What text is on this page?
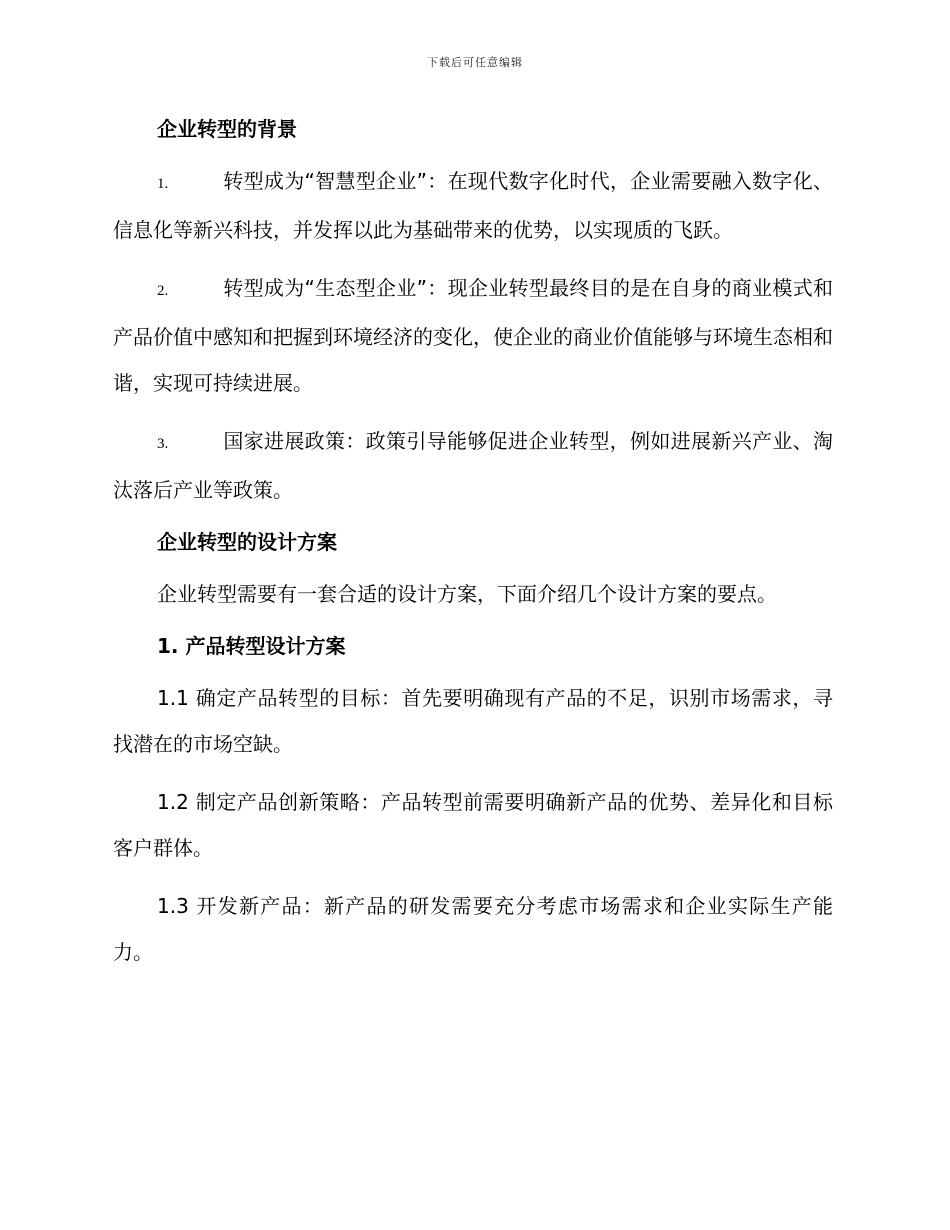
下载后可任意编辑
企业转型的背景
1.	转型成为“智慧型企业”：在现代数字化时代，企业需要融入数字化、信息化等新兴科技，并发挥以此为基础带来的优势，以实现质的飞跃。
2.	转型成为“生态型企业”：现企业转型最终目的是在自身的商业模式和产品价值中感知和把握到环境经济的变化，使企业的商业价值能够与环境生态相和谐，实现可持续进展。
3.	国家进展政策：政策引导能够促进企业转型，例如进展新兴产业、淘汰落后产业等政策。
企业转型的设计方案
企业转型需要有一套合适的设计方案，下面介绍几个设计方案的要点。
1. 产品转型设计方案
1.1 确定产品转型的目标：首先要明确现有产品的不足，识别市场需求，寻找潜在的市场空缺。
1.2 制定产品创新策略：产品转型前需要明确新产品的优势、差异化和目标客户群体。
1.3 开发新产品：新产品的研发需要充分考虑市场需求和企业实际生产能力。
